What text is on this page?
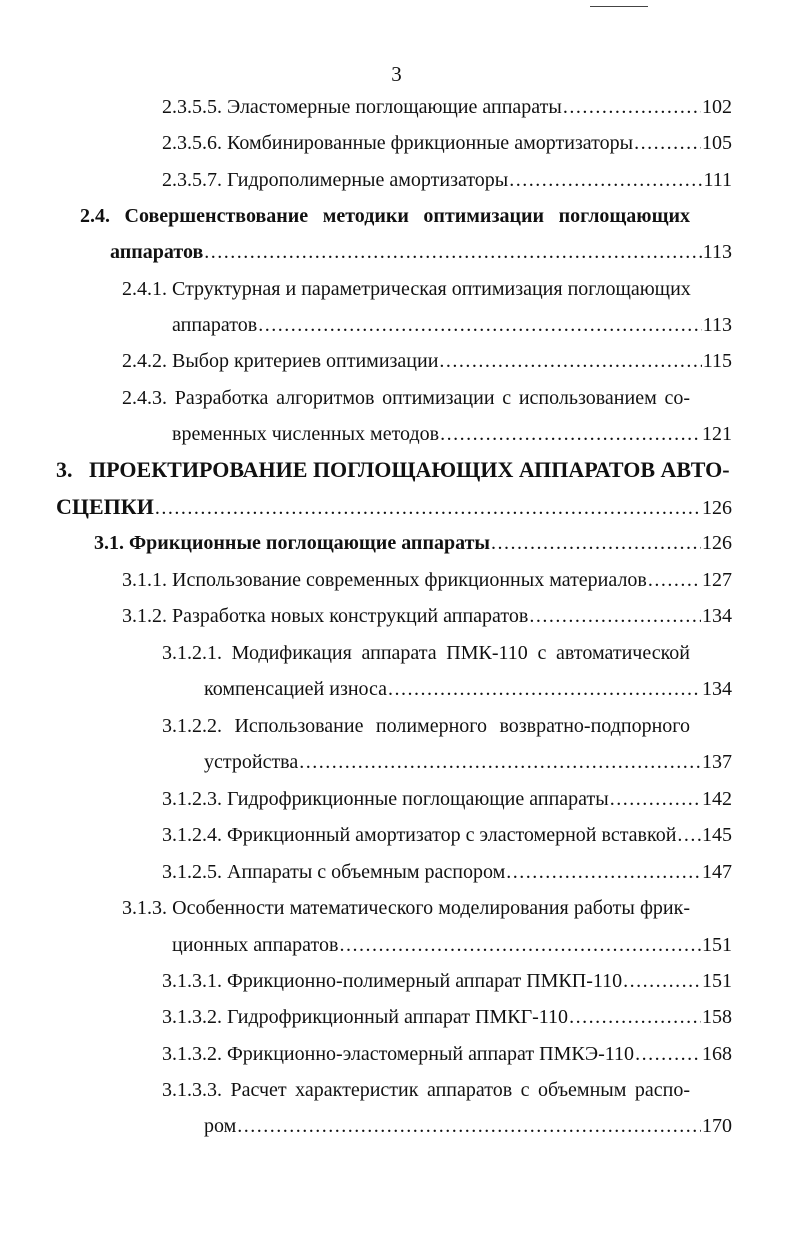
3
2.3.5.5. Эластомерные поглощающие аппараты .....	102
2.3.5.6. Комбинированные фрикционные амортизаторы .....	105
2.3.5.7. Гидрополимерные амортизаторы .....	111
2.4. Совершенствование методики оптимизации поглощающих
аппаратов .....	113
2.4.1. Структурная и параметрическая оптимизация поглощающих
аппаратов .....	113
2.4.2. Выбор критериев оптимизации .....	115
2.4.3. Разработка алгоритмов оптимизации с использованием со-
временных численных методов .....	121
3.   ПРОЕКТИРОВАНИЕ ПОГЛОЩАЮЩИХ АППАРАТОВ АВТО-
СЦЕПКИ .....	126
3.1. Фрикционные поглощающие аппараты .....	126
3.1.1. Использование современных фрикционных материалов .....	127
3.1.2. Разработка новых конструкций аппаратов .....	134
3.1.2.1. Модификация аппарата ПМК-110 с автоматической
компенсацией износа .....	134
3.1.2.2. Использование полимерного возвратно-подпорного
устройства .....	137
3.1.2.3. Гидрофрикционные поглощающие аппараты .....	142
3.1.2.4. Фрикционный амортизатор с эластомерной вставкой ..... 145
3.1.2.5. Аппараты с объемным распором .....	147
3.1.3. Особенности математического моделирования работы фрик-
ционных аппаратов .....	151
3.1.3.1. Фрикционно-полимерный аппарат ПМКП-110 .....	151
3.1.3.2. Гидрофрикционный аппарат ПМКГ-110 .....	158
3.1.3.2. Фрикционно-эластомерный аппарат ПМКЭ-110 .....	168
3.1.3.3. Расчет характеристик аппаратов с объемным распо-
ром .....	170
